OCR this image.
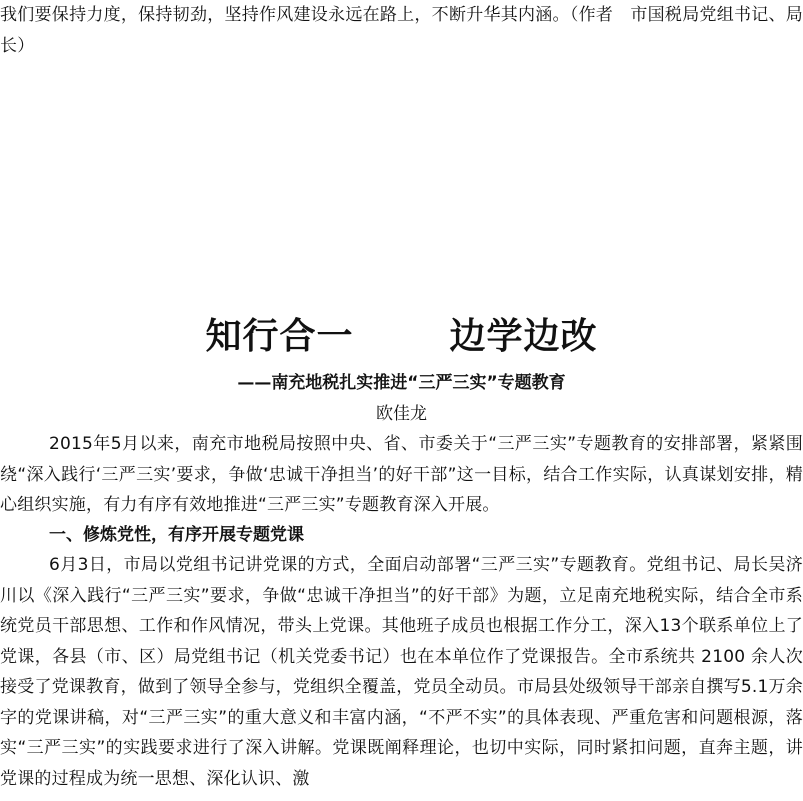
我们要保持力度，保持韧劲，坚持作风建设永远在路上，不断升华其内涵。（作者　市国税局党组书记、局长）
知行合一	边学边改
——南充地税扎实推进“三严三实”专题教育
欧佳龙
2015年5月以来，南充市地税局按照中央、省、市委关于“三严三实”专题教育的安排部署，紧紧围绕“深入践行‘三严三实’要求，争做‘忠诚干净担当’的好干部”这一目标，结合工作实际，认真谋划安排，精心组织实施，有力有序有效地推进“三严三实”专题教育深入开展。
一、修炼党性，有序开展专题党课
6月3日，市局以党组书记讲党课的方式，全面启动部署“三严三实”专题教育。党组书记、局长吴济川以《深入践行“三严三实”要求，争做“忠诚干净担当”的好干部》为题，立足南充地税实际，结合全市系统党员干部思想、工作和作风情况，带头上党课。其他班子成员也根据工作分工，深入13个联系单位上了党课，各县（市、区）局党组书记（机关党委书记）也在本单位作了党课报告。全市系统共 2100 余人次接受了党课教育，做到了领导全参与，党组织全覆盖，党员全动员。市局县处级领导干部亲自撰写5.1万余字的党课讲稿，对“三严三实”的重大意义和丰富内涵，“不严不实”的具体表现、严重危害和问题根源，落实“三严三实”的实践要求进行了深入讲解。党课既阐释理论，也切中实际，同时紧扣问题，直奔主题，讲党课的过程成为统一思想、深化认识、激
